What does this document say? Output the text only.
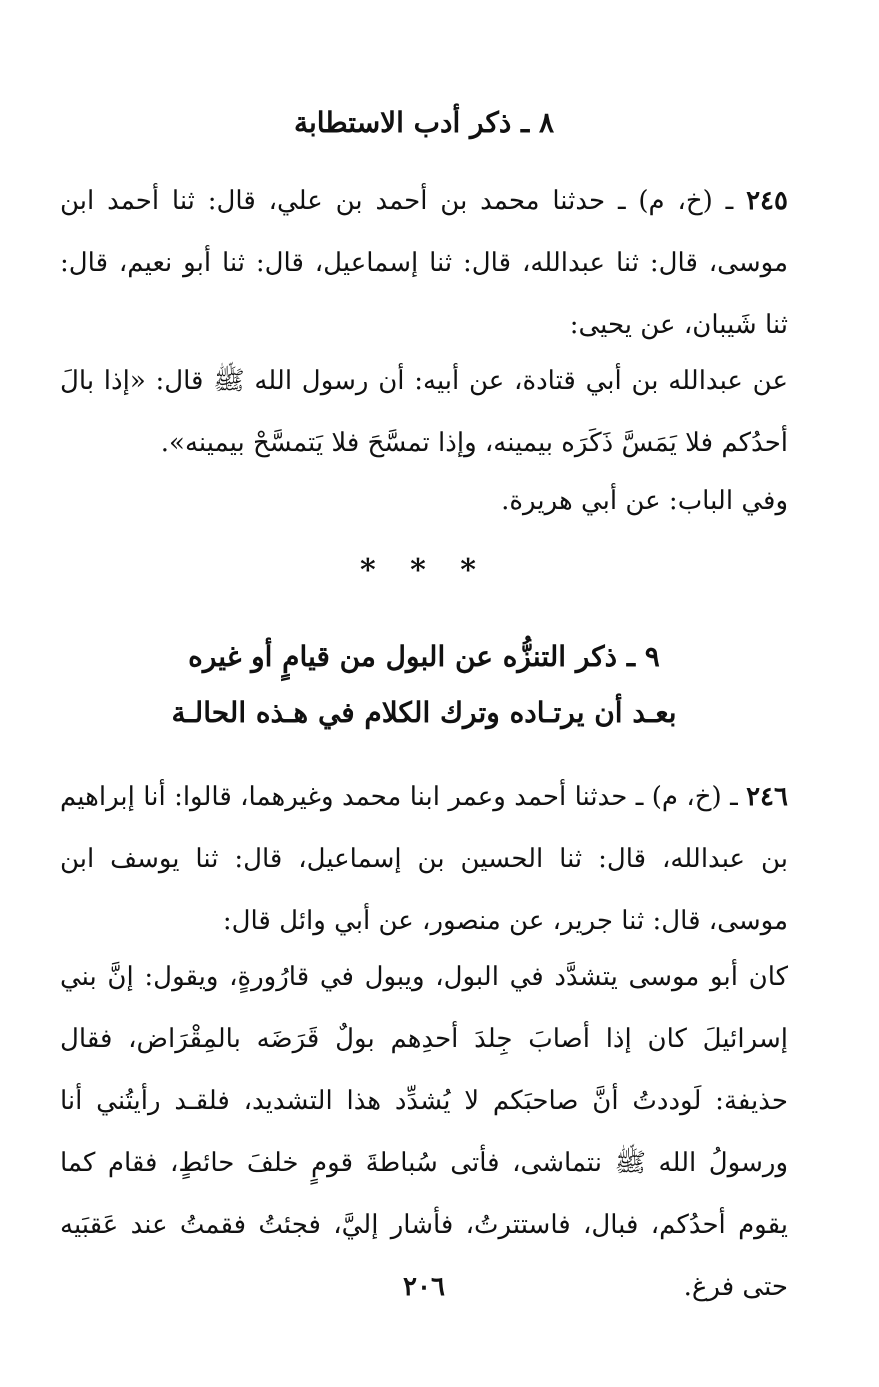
٨ ـ ذكر أدب الاستطابة

٢٤٥ ـ (خ، م) ـ حدثنا محمد بن أحمد بن علي، قال: ثنا أحمد ابن موسى، قال: ثنا عبدالله، قال: ثنا إسماعيل، قال: ثنا أبو نعيم، قال: ثنا شَيبان، عن يحيى:

عن عبدالله بن أبي قتادة، عن أبيه: أن رسول الله ﷺ قال: «إذا بالَ أحدُكم فلا يَمَسَّ ذَكَرَه بيمينه، وإذا تمسَّحَ فلا يَتمسَّحْ بيمينه».

وفي الباب: عن أبي هريرة.

* * *
٩ ـ ذكر التنزُّه عن البول من قيامٍ أو غيره
بعـد أن يرتـاده وترك الكلام في هـذه الحالـة

٢٤٦ ـ (خ، م) ـ حدثنا أحمد وعمر ابنا محمد وغيرهما، قالوا: أنا إبراهيم بن عبدالله، قال: ثنا الحسين بن إسماعيل، قال: ثنا يوسف ابن موسى، قال: ثنا جرير، عن منصور، عن أبي وائل قال:

كان أبو موسى يتشدَّد في البول، ويبول في قارُورةٍ، ويقول: إنَّ بني إسرائيلَ كان إذا أصابَ جِلدَ أحدِهم بولٌ قَرَضَه بالمِقْرَاض، فقال حذيفة: لَوددتُ أنَّ صاحبَكم لا يُشدِّد هذا التشديد، فلقـد رأيتُني أنا ورسولُ الله ﷺ نتماشى، فأتى سُباطةَ قومٍ خلفَ حائطٍ، فقام كما يقوم أحدُكم، فبال، فاستترتُ، فأشار إليَّ، فجئتُ فقمتُ عند عَقبَيه حتى فرغ.

٢٠٦
